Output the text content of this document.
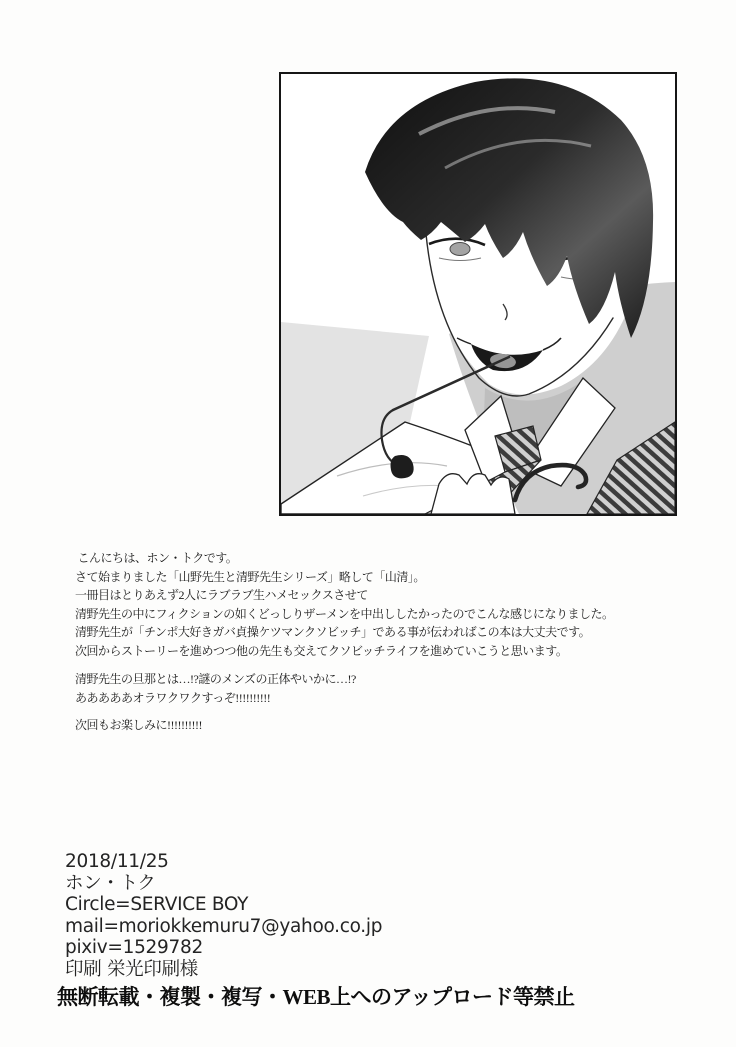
こんにちは、ホン・トクです。
さて始まりました「山野先生と清野先生シリーズ」略して「山清」。
一冊目はとりあえず2人にラブラブ生ハメセックスさせて
清野先生の中にフィクションの如くどっしりザーメンを中出ししたかったのでこんな感じになりました。
清野先生が「チンポ大好きガバ貞操ケツマンクソビッチ」である事が伝わればこの本は大丈夫です。
次回からストーリーを進めつつ他の先生も交えてクソビッチライフを進めていこうと思います。
清野先生の旦那とは…!?謎のメンズの正体やいかに…!?
あああああオラワクワクすっぞ!!!!!!!!!!
次回もお楽しみに!!!!!!!!!!
2018/11/25
ホン・トク
Circle=SERVICE BOY
mail=moriokkemuru7@yahoo.co.jp
pixiv=1529782
印刷 栄光印刷様
無断転載・複製・複写・WEB上へのアップロード等禁止
